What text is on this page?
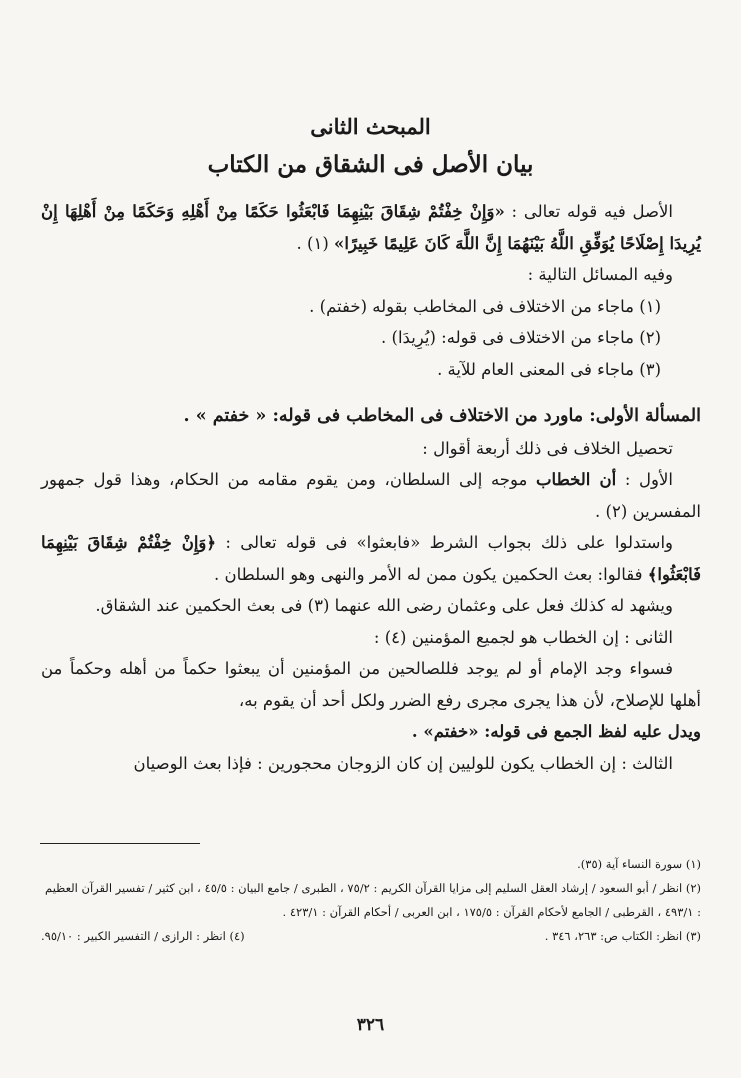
المبحث الثانى
بيان الأصل فى الشقاق من الكتاب

الأصل فيه قوله تعالى : «وَإِنْ خِفْتُمْ شِقَاقَ بَيْنِهِمَا فَابْعَثُوا حَكَمًا مِنْ أَهْلِهِ وَحَكَمًا مِنْ أَهْلِهَا إِنْ يُرِيدَا إِصْلَاحًا يُوَفِّقِ اللَّهُ بَيْنَهُمَا إِنَّ اللَّهَ كَانَ عَلِيمًا خَبِيرًا» (١) .

وفيه المسائل التالية :

(١) ماجاء من الاختلاف فى المخاطب بقوله (خفتم) .

(٢) ماجاء من الاختلاف فى قوله: (يُرِيدَا) .

(٣) ماجاء فى المعنى العام للآية .

المسألة الأولى: ماورد من الاختلاف فى المخاطب فى قوله: « خفتم » .

تحصيل الخلاف فى ذلك أربعة أقوال :

الأول : أن الخطاب موجه إلى السلطان، ومن يقوم مقامه من الحكام، وهذا قول جمهور المفسرين (٢) .

واستدلوا على ذلك بجواب الشرط «فابعثوا» فى قوله تعالى : ﴿وَإِنْ خِفْتُمْ شِقَاقَ بَيْنِهِمَا فَابْعَثُوا﴾ فقالوا: بعث الحكمين يكون ممن له الأمر والنهى وهو السلطان .

ويشهد له كذلك فعل على وعثمان رضى الله عنهما (٣) فى بعث الحكمين عند الشقاق.

الثانى : إن الخطاب هو لجميع المؤمنين (٤) :

فسواء وجد الإمام أو لم يوجد فللصالحين من المؤمنين أن يبعثوا حكماً من أهله وحكماً من أهلها للإصلاح، لأن هذا يجرى مجرى رفع الضرر ولكل أحد أن يقوم به،

ويدل عليه لفظ الجمع فى قوله: «خفتم» .

الثالث : إن الخطاب يكون للوليين إن كان الزوجان محجورين : فإذا بعث الوصيان

(١) سورة النساء آية (٣٥).

(٢) انظر / أبو السعود / إرشاد العقل السليم إلى مزايا القرآن الكريم : ٧٥/٢ ، الطبرى / جامع البيان : ٤٥/٥ ، ابن كثير / تفسير القرآن العظيم : ٤٩٣/١ ، القرطبى / الجامع لأحكام القرآن : ١٧٥/٥ ، ابن العربى / أحكام القرآن : ٤٢٣/١ .

(٣) انظر: الكتاب ص: ٢٦٣، ٣٤٦ .
(٤) انظر : الرازى / التفسير الكبير : ٩٥/١٠.
٣٢٦
